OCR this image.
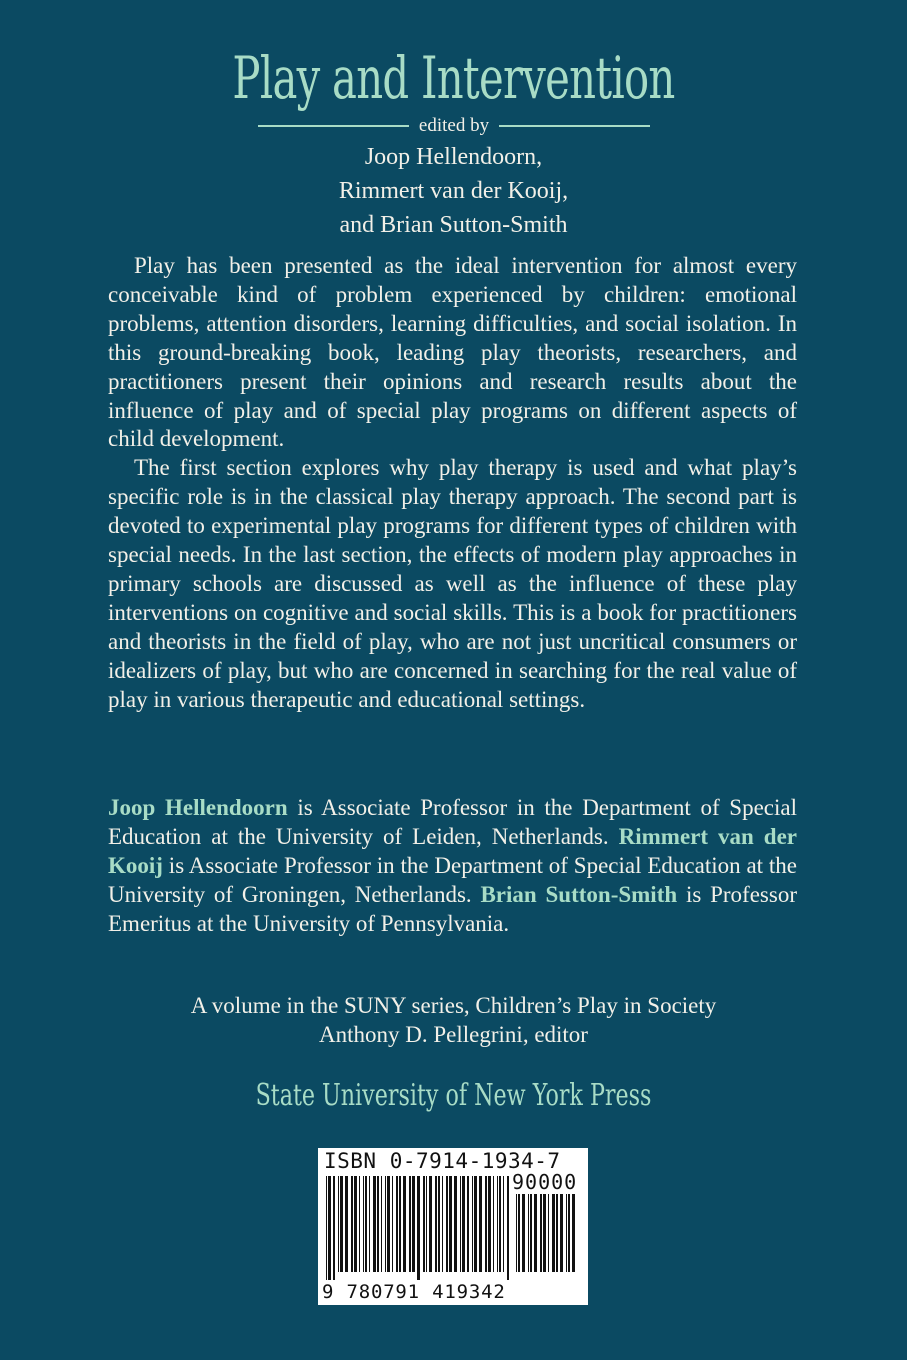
Play and Intervention
edited by
Joop Hellendoorn,
Rimmert van der Kooij,
and Brian Sutton-Smith

Play has been presented as the ideal intervention for almost every conceivable kind of problem experienced by children: emotional problems, attention disorders, learning difficulties, and social isolation. In this ground-breaking book, leading play theorists, researchers, and practitioners present their opinions and research results about the influence of play and of special play programs on different aspects of child development.

The first section explores why play therapy is used and what play’s specific role is in the classical play therapy approach. The second part is devoted to experimental play programs for different types of children with special needs. In the last section, the effects of modern play approaches in primary schools are discussed as well as the influence of these play interventions on cognitive and social skills. This is a book for practitioners and theorists in the field of play, who are not just uncritical consumers or idealizers of play, but who are concerned in searching for the real value of play in various therapeutic and educational settings.

Joop Hellendoorn is Associate Professor in the Department of Special Education at the University of Leiden, Netherlands. Rimmert van der Kooij is Associate Professor in the Department of Special Education at the University of Groningen, Netherlands. Brian Sutton-Smith is Professor Emeritus at the University of Pennsylvania.
A volume in the SUNY series, Children’s Play in Society
Anthony D. Pellegrini, editor
State University of New York Press
ISBN 0-7914-1934-7
90000
9 780791 419342
